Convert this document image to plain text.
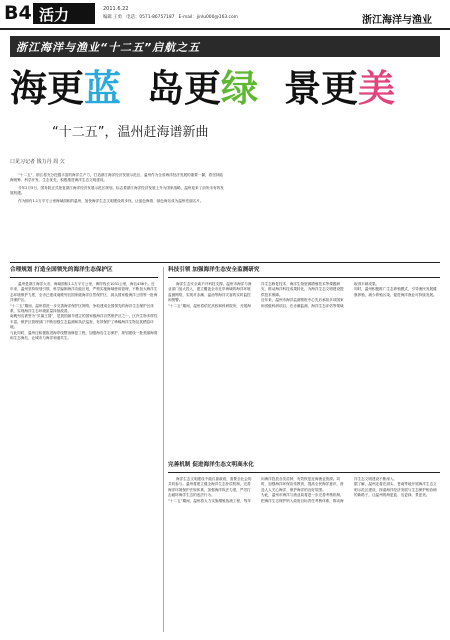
B4 活力	2011.6.22
编辑 王勇 电话：0571-86757187 E-mail：jinlu000@163.com	浙江海洋与渔业
浙江海洋与渔业“十二五”启航之五
海更蓝 岛更绿 景更美
“十二五”，温州赶海谱新曲
口见习记者 钱力丹 周 欠

“十二五”，浙江将充分挖掘丰富的海洋生产力，打造浙江海洋经济发展示范区，温州作为全省海洋经济发展的重要一翼，将坚持陆海统筹、科学开发、生态优先，积极推进海洋生态文明建设。

今年2月5日，国务院正式批复浙江海洋经济发展示范区规划，标志着浙江海洋经济发展上升为国家战略，温州迎来了前所未有的发展机遇。

作为拥有1.1万平方公里海域面积的温州，加快海洋生态文明建设的步伐，让蓝色海湾、绿色海岛成为温州亮丽名片。

合理规划 打造全国领先的海洋生态保护区
温州是浙江海洋大市，海域面积1.1万平方公里，海岸线长1031公里，海岛436个。近年来，温州坚持规划引领，科学编制海洋功能区划，严格实施海域使用管理，不断加大海洋生态环境保护力度，全市已建成南麂列岛国家级海洋自然保护区、洞头国家级海洋公园等一批海洋保护区。
“十二五”期间，温州将进一步完善海洋保护区网络，争取建成全国领先的海洋生态保护区体系，实现海洋生态环境质量持续改善。
南麂列岛被誉为“贝藻王国”，是我国最早建立的国家级海洋自然保护区之一，区内生物多样性丰富，保护区管理部门不断加强生态监测和执法巡查，有效保护了珍稀海洋生物及其栖息环境。
与此同时，温州还积极推进海岸线整治修复工程，加强海岛生态保护，规划建设一批美丽海湾和生态海岛，让城市与海洋和谐共生。
科技引领 加强海洋生态安全监测研究
海洋生态安全离不开科技支撑。温州市海洋与渔业部门加大投入，建立覆盖全市近岸海域的海洋环境监测网络，实现对赤潮、溢油等海洋灾害的实时监控和预警。
“十二五”期间，温州将依托高校和科研院所，开展海洋生态修复技术、海洋生物资源增殖技术等课题研究，推动海洋科技成果转化，为海洋生态文明建设提供技术保障。
近年来，温州市海洋监测预报中心先后承担多项国家和省级科研项目，在赤潮监测、海洋生态评估等领域取得丰硕成果。
同时，温州积极推广生态养殖模式，引导渔民发展健康养殖，减少养殖污染，促进海洋渔业可持续发展。
完善机制 促进海洋生态文明高永化
海洋生态文明建设不能仅靠政府，需要全社会的共同参与。温州将建立健全海洋生态补偿机制，完善海洋环境保护法规体系，加强海洋执法力度，严厉打击破坏海洋生态的违法行为。
“十二五”期间，温州将大力实施增殖放流工程，每年向海洋投放各类苗种，有效恢复近海渔业资源。同时，加强海洋环保宣传教育，提高全民海洋意识，营造人人关心海洋、保护海洋的良好氛围。
为此，温州市海洋与渔业局将进一步完善考核机制，把海洋生态保护纳入政府目标责任考核体系，推动海洋生态文明建设不断深入。
据了解，温州还将在洞头、苍南等地开展海洋生态文明示范区建设，探索海洋经济发展与生态保护相协调的新路子，让温州的海更蓝、岛更绿、景更美。
